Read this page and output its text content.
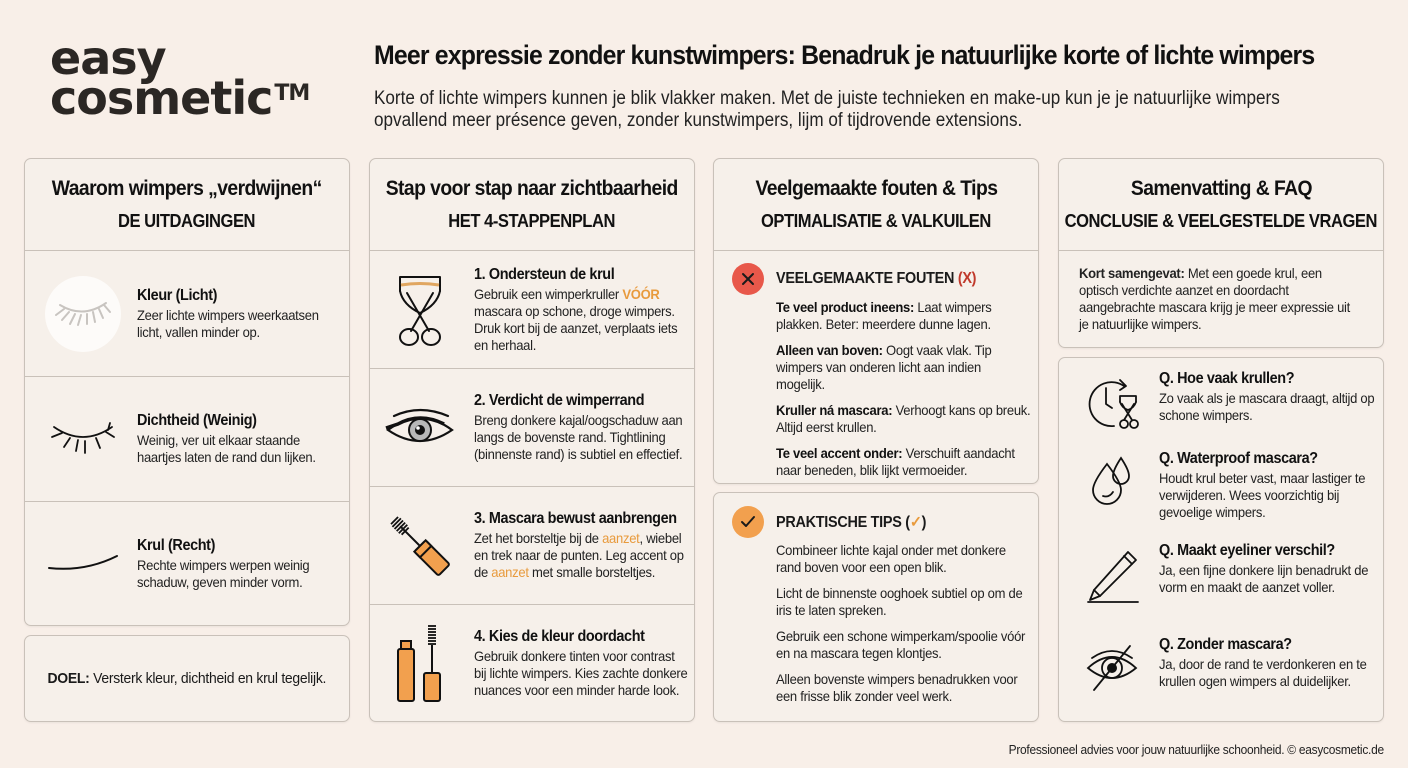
easy
cosmetic™
Meer expressie zonder kunstwimpers: Benadruk je natuurlijke korte of lichte wimpers
Korte of lichte wimpers kunnen je blik vlakker maken. Met de juiste technieken en make-up kun je je natuurlijke wimpers opvallend meer présence geven, zonder kunstwimpers, lijm of tijdrovende extensions.
Waarom wimpers „verdwijnen“
DE UITDAGINGEN
Kleur (Licht)
Zeer lichte wimpers weerkaatsen licht, vallen minder op.
Dichtheid (Weinig)
Weinig, ver uit elkaar staande haartjes laten de rand dun lijken.
Krul (Recht)
Rechte wimpers werpen weinig schaduw, geven minder vorm.
DOEL: Versterk kleur, dichtheid en krul tegelijk.
Stap voor stap naar zichtbaarheid
HET 4-STAPPENPLAN
1. Ondersteun de krul
Gebruik een wimperkruller VÓÓR mascara op schone, droge wimpers. Druk kort bij de aanzet, verplaats iets en herhaal.
2. Verdicht de wimperrand
Breng donkere kajal/oogschaduw aan langs de bovenste rand. Tightlining (binnenste rand) is subtiel en effectief.
3. Mascara bewust aanbrengen
Zet het borsteltje bij de aanzet, wiebel en trek naar de punten. Leg accent op de aanzet met smalle borsteltjes.
4. Kies de kleur doordacht
Gebruik donkere tinten voor contrast bij lichte wimpers. Kies zachte donkere nuances voor een minder harde look.
Veelgemaakte fouten & Tips
OPTIMALISATIE & VALKUILEN
VEELGEMAAKTE FOUTEN (X)
Te veel product ineens: Laat wimpers plakken. Beter: meerdere dunne lagen.
Alleen van boven: Oogt vaak vlak. Tip wimpers van onderen licht aan indien mogelijk.
Kruller ná mascara: Verhoogt kans op breuk. Altijd eerst krullen.
Te veel accent onder: Verschuift aandacht naar beneden, blik lijkt vermoeider.
PRAKTISCHE TIPS (✓)
Combineer lichte kajal onder met donkere rand boven voor een open blik.
Licht de binnenste ooghoek subtiel op om de iris te laten spreken.
Gebruik een schone wimperkam/spoolie vóór en na mascara tegen klontjes.
Alleen bovenste wimpers benadrukken voor een frisse blik zonder veel werk.
Samenvatting & FAQ
CONCLUSIE & VEELGESTELDE VRAGEN
Kort samengevat: Met een goede krul, een optisch verdichte aanzet en doordacht aangebrachte mascara krijg je meer expressie uit je natuurlijke wimpers.
Q. Hoe vaak krullen?
Zo vaak als je mascara draagt, altijd op schone wimpers.
Q. Waterproof mascara?
Houdt krul beter vast, maar lastiger te verwijderen. Wees voorzichtig bij gevoelige wimpers.
Q. Maakt eyeliner verschil?
Ja, een fijne donkere lijn benadrukt de vorm en maakt de aanzet voller.
Q. Zonder mascara?
Ja, door de rand te verdonkeren en te krullen ogen wimpers al duidelijker.
Professioneel advies voor jouw natuurlijke schoonheid. © easycosmetic.de
